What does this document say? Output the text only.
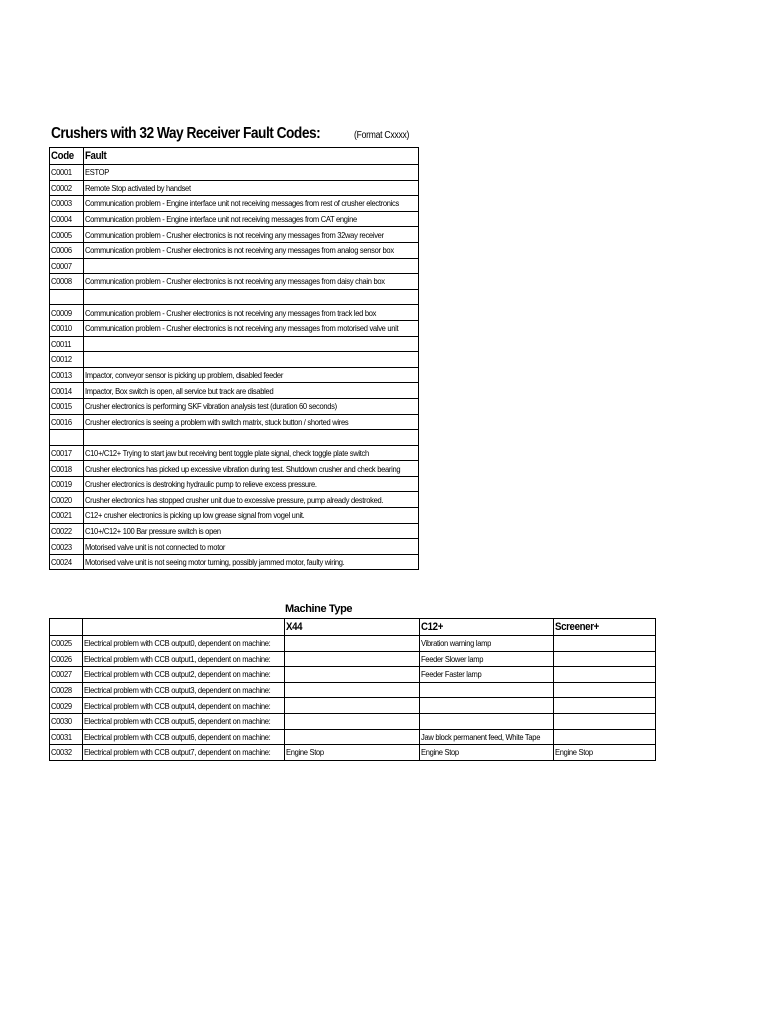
Crushers with 32 Way Receiver Fault Codes:	(Format Cxxxx)
Code	Fault
C0001	ESTOP
C0002	Remote Stop activated by handset
C0003	Communication problem - Engine interface unit not receiving messages from rest of crusher electronics
C0004	Communication problem - Engine interface unit not receiving messages from CAT engine
C0005	Communication problem - Crusher electronics is not receiving any messages from 32way receiver
C0006	Communication problem - Crusher electronics is not receiving any messages from analog sensor box
C0007	
C0008	Communication problem - Crusher electronics is not receiving any messages from daisy chain box

C0009	Communication problem - Crusher electronics is not receiving any messages from track led box
C0010	Communication problem - Crusher electronics is not receiving any messages from motorised valve unit
C0011	
C0012	
C0013	Impactor, conveyor sensor is picking up problem, disabled feeder
C0014	Impactor, Box switch is open, all service but track are disabled
C0015	Crusher electronics is performing SKF vibration analysis test (duration 60 seconds)
C0016	Crusher electronics is seeing a problem with switch matrix, stuck button / shorted wires

C0017	C10+/C12+ Trying to start jaw but receiving bent toggle plate signal, check toggle plate switch
C0018	Crusher electronics has picked up excessive vibration during test. Shutdown crusher and check bearing
C0019	Crusher electronics is destroking hydraulic pump to relieve excess pressure.
C0020	Crusher electronics has stopped crusher unit due to excessive pressure, pump already destroked.
C0021	C12+ crusher electronics is picking up low grease signal from vogel unit.
C0022	C10+/C12+ 100 Bar pressure switch is open
C0023	Motorised valve unit is not connected to motor
C0024	Motorised valve unit is not seeing motor turning, possibly jammed motor, faulty wiring.
Machine Type
		X44	C12+	Screener+
C0025	Electrical problem with CCB output0, dependent on machine:		Vibration warning lamp	
C0026	Electrical problem with CCB output1, dependent on machine:		Feeder Slower lamp	
C0027	Electrical problem with CCB output2, dependent on machine:		Feeder Faster lamp	
C0028	Electrical problem with CCB output3, dependent on machine:			
C0029	Electrical problem with CCB output4, dependent on machine:			
C0030	Electrical problem with CCB output5, dependent on machine:			
C0031	Electrical problem with CCB output6, dependent on machine:		Jaw block permanent feed, White Tape	
C0032	Electrical problem with CCB output7, dependent on machine:	Engine Stop	Engine Stop	Engine Stop
